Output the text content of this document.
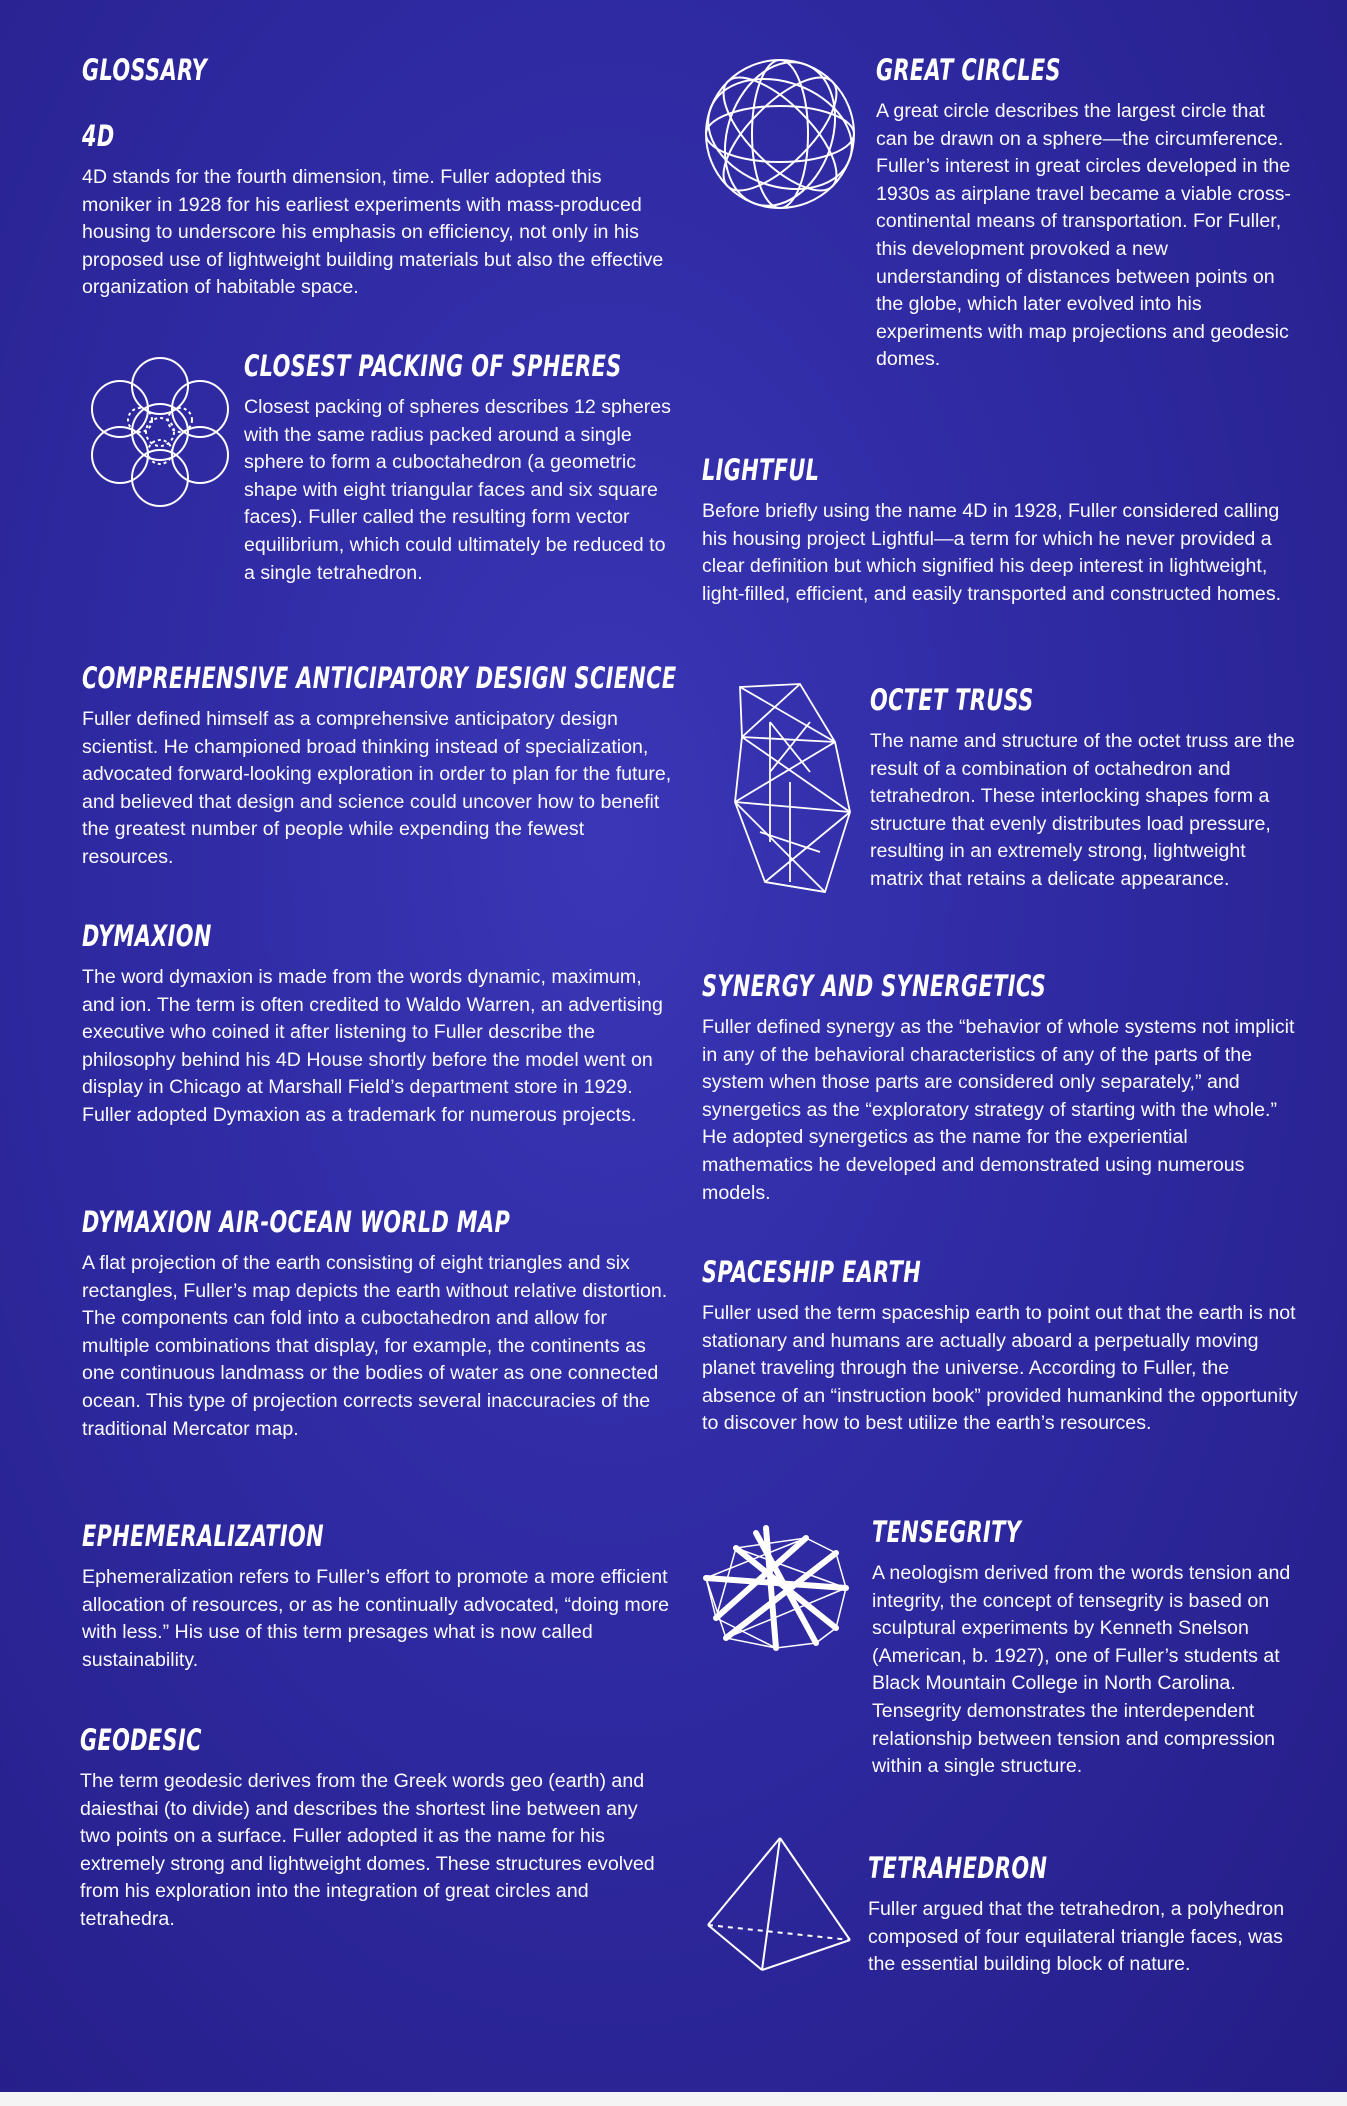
GLOSSARY
4D

4D stands for the fourth dimension, time. Fuller adopted this moniker in 1928 for his earliest experiments with mass-produced housing to underscore his emphasis on efficiency, not only in his proposed use of lightweight building materials but also the effective organization of habitable space.

CLOSEST PACKING OF SPHERES

Closest packing of spheres describes 12 spheres with the same radius packed around a single sphere to form a cuboctahedron (a geometric shape with eight triangular faces and six square faces). Fuller called the resulting form vector equilibrium, which could ultimately be reduced to a single tetrahedron.

COMPREHENSIVE ANTICIPATORY DESIGN SCIENCE

Fuller defined himself as a comprehensive anticipatory design scientist. He championed broad thinking instead of specialization, advocated forward-looking exploration in order to plan for the future, and believed that design and science could uncover how to benefit the greatest number of people while expending the fewest resources.

DYMAXION

The word dymaxion is made from the words dynamic, maximum, and ion. The term is often credited to Waldo Warren, an advertising executive who coined it after listening to Fuller describe the philosophy behind his 4D House shortly before the model went on display in Chicago at Marshall Field’s department store in 1929. Fuller adopted Dymaxion as a trademark for numerous projects.

DYMAXION AIR-OCEAN WORLD MAP

A flat projection of the earth consisting of eight triangles and six rectangles, Fuller’s map depicts the earth without relative distortion. The components can fold into a cuboctahedron and allow for multiple combinations that display, for example, the continents as one continuous landmass or the bodies of water as one connected ocean. This type of projection corrects several inaccuracies of the traditional Mercator map.

EPHEMERALIZATION

Ephemeralization refers to Fuller’s effort to promote a more efficient allocation of resources, or as he continually advocated, “doing more with less.” His use of this term presages what is now called sustainability.

GEODESIC

The term geodesic derives from the Greek words geo (earth) and daiesthai (to divide) and describes the shortest line between any two points on a surface. Fuller adopted it as the name for his extremely strong and lightweight domes. These structures evolved from his exploration into the integration of great circles and tetrahedra.

GREAT CIRCLES

A great circle describes the largest circle that can be drawn on a sphere—the circumference. Fuller’s interest in great circles developed in the 1930s as airplane travel became a viable cross-continental means of transportation. For Fuller, this development provoked a new understanding of distances between points on the globe, which later evolved into his experiments with map projections and geodesic domes.

LIGHTFUL

Before briefly using the name 4D in 1928, Fuller considered calling his housing project Lightful—a term for which he never provided a clear definition but which signified his deep interest in lightweight, light-filled, efficient, and easily transported and constructed homes.

OCTET TRUSS

The name and structure of the octet truss are the result of a combination of octahedron and tetrahedron. These interlocking shapes form a structure that evenly distributes load pressure, resulting in an extremely strong, lightweight matrix that retains a delicate appearance.

SYNERGY AND SYNERGETICS

Fuller defined synergy as the “behavior of whole systems not implicit in any of the behavioral characteristics of any of the parts of the system when those parts are considered only separately,” and synergetics as the “exploratory strategy of starting with the whole.” He adopted synergetics as the name for the experiential mathematics he developed and demonstrated using numerous models.

SPACESHIP EARTH

Fuller used the term spaceship earth to point out that the earth is not stationary and humans are actually aboard a perpetually moving planet traveling through the universe. According to Fuller, the absence of an “instruction book” provided humankind the opportunity to discover how to best utilize the earth’s resources.

TENSEGRITY

A neologism derived from the words tension and integrity, the concept of tensegrity is based on sculptural experiments by Kenneth Snelson (American, b. 1927), one of Fuller’s students at Black Mountain College in North Carolina. Tensegrity demonstrates the interdependent relationship between tension and compression within a single structure.

TETRAHEDRON

Fuller argued that the tetrahedron, a polyhedron composed of four equilateral triangle faces, was the essential building block of nature.
